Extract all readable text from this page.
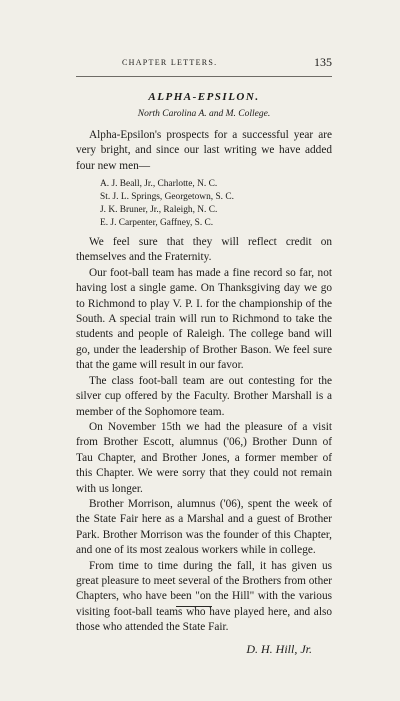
CHAPTER LETTERS.	135
ALPHA-EPSILON.
North Carolina A. and M. College.

Alpha-Epsilon's prospects for a successful year are very bright, and since our last writing we have added four new men—

A. J. Beall, Jr., Charlotte, N. C.
St. J. L. Springs, Georgetown, S. C.
J. K. Bruner, Jr., Raleigh, N. C.
E. J. Carpenter, Gaffney, S. C.

We feel sure that they will reflect credit on themselves and the Fraternity.

Our foot-ball team has made a fine record so far, not having lost a single game. On Thanksgiving day we go to Richmond to play V. P. I. for the championship of the South. A special train will run to Richmond to take the students and people of Raleigh. The college band will go, under the leadership of Brother Bason. We feel sure that the game will result in our favor.

The class foot-ball team are out contesting for the silver cup offered by the Faculty. Brother Marshall is a member of the Sophomore team.

On November 15th we had the pleasure of a visit from Brother Escott, alumnus ('06,) Brother Dunn of Tau Chapter, and Brother Jones, a former member of this Chapter. We were sorry that they could not remain with us longer.

Brother Morrison, alumnus ('06), spent the week of the State Fair here as a Marshal and a guest of Brother Park. Brother Morrison was the founder of this Chapter, and one of its most zealous workers while in college.

From time to time during the fall, it has given us great pleasure to meet several of the Brothers from other Chapters, who have been "on the Hill" with the various visiting foot-ball teams who have played here, and also those who attended the State Fair.

D. H. Hill, Jr.
